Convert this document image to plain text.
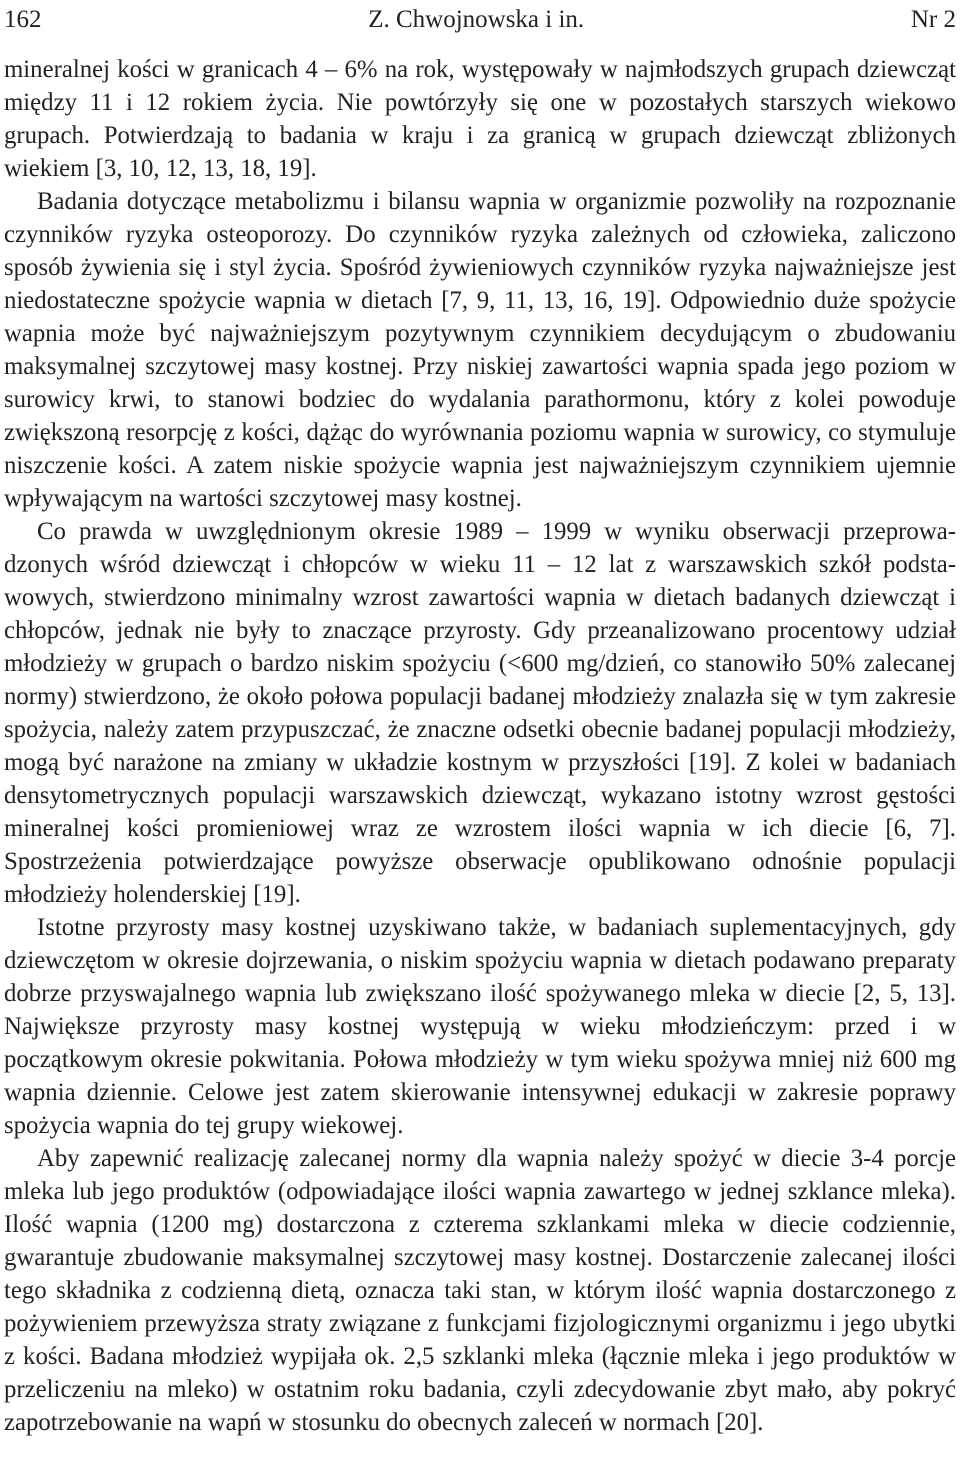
162	Z. Chwojnowska i in.	Nr 2

mineralnej kości w granicach 4 – 6% na rok, występowały w najmłodszych grupach dziewcząt między 11 i 12 rokiem życia. Nie powtórzyły się one w pozostałych starszych wiekowo grupach. Potwierdzają to badania w kraju i za granicą w grupach dziewcząt zbliżonych wiekiem [3, 10, 12, 13, 18, 19].

Badania dotyczące metabolizmu i bilansu wapnia w organizmie pozwoliły na rozpoznanie czynników ryzyka osteoporozy. Do czynników ryzyka zależnych od człowieka, zaliczono sposób żywienia się i styl życia. Spośród żywieniowych czynników ryzyka najważniejsze jest niedostateczne spożycie wapnia w dietach [7, 9, 11, 13, 16, 19]. Odpowiednio duże spożycie wapnia może być najważniejszym pozytywnym czynnikiem decydującym o zbudowaniu maksymalnej szczytowej masy kostnej. Przy niskiej zawartości wapnia spada jego poziom w surowicy krwi, to stanowi bodziec do wydalania parathormonu, który z kolei powoduje zwiększoną resorpcję z kości, dążąc do wyrównania poziomu wapnia w surowicy, co stymuluje niszczenie kości. A zatem niskie spożycie wapnia jest najważniejszym czynnikiem ujemnie wpływającym na wartości szczytowej masy kostnej.

Co prawda w uwzględnionym okresie 1989 – 1999 w wyniku obserwacji przeprowadzonych wśród dziewcząt i chłopców w wieku 11 – 12 lat z warszawskich szkół podstawowych, stwierdzono minimalny wzrost zawartości wapnia w dietach badanych dziewcząt i chłopców, jednak nie były to znaczące przyrosty. Gdy przeanalizowano procentowy udział młodzieży w grupach o bardzo niskim spożyciu (<600 mg/dzień, co stanowiło 50% zalecanej normy) stwierdzono, że około połowa populacji badanej młodzieży znalazła się w tym zakresie spożycia, należy zatem przypuszczać, że znaczne odsetki obecnie badanej populacji młodzieży, mogą być narażone na zmiany w układzie kostnym w przyszłości [19]. Z kolei w badaniach densytometrycznych populacji warszawskich dziewcząt, wykazano istotny wzrost gęstości mineralnej kości promieniowej wraz ze wzrostem ilości wapnia w ich diecie [6, 7]. Spostrzeżenia potwierdzające powyższe obserwacje opublikowano odnośnie populacji młodzieży holenderskiej [19].

Istotne przyrosty masy kostnej uzyskiwano także, w badaniach suplementacyjnych, gdy dziewczętom w okresie dojrzewania, o niskim spożyciu wapnia w dietach podawano preparaty dobrze przyswajalnego wapnia lub zwiększano ilość spożywanego mleka w diecie [2, 5, 13]. Największe przyrosty masy kostnej występują w wieku młodzieńczym: przed i w początkowym okresie pokwitania. Połowa młodzieży w tym wieku spożywa mniej niż 600 mg wapnia dziennie. Celowe jest zatem skierowanie intensywnej edukacji w zakresie poprawy spożycia wapnia do tej grupy wiekowej.

Aby zapewnić realizację zalecanej normy dla wapnia należy spożyć w diecie 3-4 porcje mleka lub jego produktów (odpowiadające ilości wapnia zawartego w jednej szklance mleka). Ilość wapnia (1200 mg) dostarczona z czterema szklankami mleka w diecie codziennie, gwarantuje zbudowanie maksymalnej szczytowej masy kostnej. Dostarczenie zalecanej ilości tego składnika z codzienną dietą, oznacza taki stan, w którym ilość wapnia dostarczonego z pożywieniem przewyższa straty związane z funkcjami fizjologicznymi organizmu i jego ubytki z kości. Badana młodzież wypijała ok. 2,5 szklanki mleka (łącznie mleka i jego produktów w przeliczeniu na mleko) w ostatnim roku badania, czyli zdecydowanie zbyt mało, aby pokryć zapotrzebowanie na wapń w stosunku do obecnych zaleceń w normach [20].
